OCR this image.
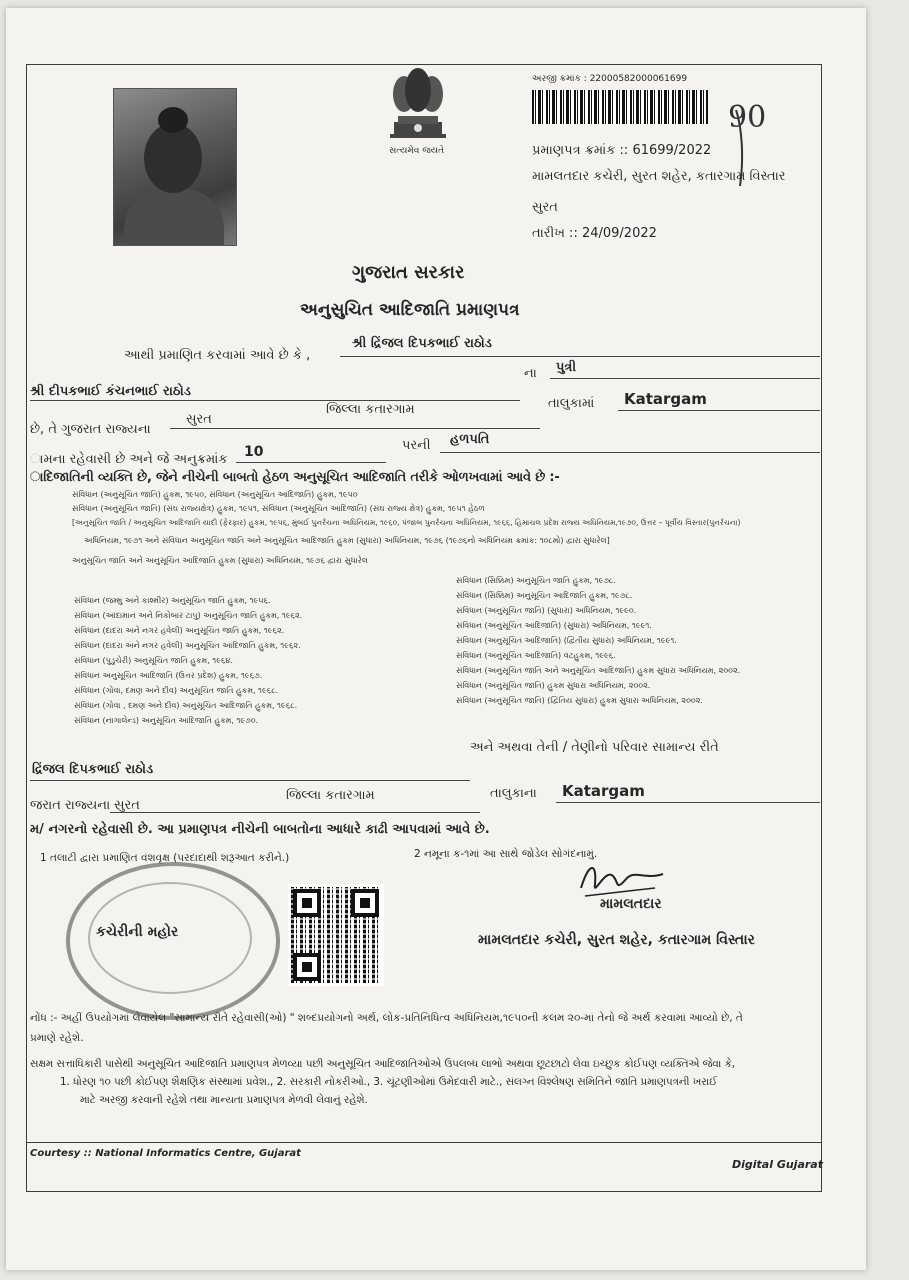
સત્યમેવ જયતે
અરજી ક્રમાંક : 22000582000061699
પ્રમાણપત્ર ક્રમાંક :: 61699/2022
90
મામલતદાર કચેરી, સુરત શહેર, કતારગામ વિસ્તાર
સુરત
તારીખ :: 24/09/2022
ગુજરાત સરકાર
અનુસુચિત આદિજાતિ પ્રમાણપત્ર
આથી પ્રમાણિત કરવામાં આવે છે કે ,
શ્રી દ્રિંજલ દિપકભાઈ રાઠોડ
ના પુત્રી
શ્રી દીપકભાઈ કંચનભાઈ રાઠોડ
છે, તે ગુજરાત રાજ્યના
સુરત
જિલ્લા કતારગામ	તાલુકામાં Katargam
ામના રહેવાસી છે અને જે અનુક્રમાંક 10	પરની હળપતિ
ાદિજાતિની વ્યક્તિ છે, જેને નીચેની બાબતો હેઠળ અનુસૂચિત આદિજાતિ તરીકે ઓળખવામાં આવે છે :-
સંવિધાન (અનુસૂચિત જાતિ) હુકમ, ૧૯૫૦, સંવિધાન (અનુસૂચિત આદિજાતિ) હુકમ, ૧૯૫૦
સંવિધાન (અનુસૂચિત જાતિ) (સંઘ રાજ્યક્ષેત્ર) હુકમ, ૧૯૫૧, સંવિધાન (અનુસૂચિત આદિજાતિ) (સંઘ રાજ્ય ક્ષેત્ર) હુકમ, ૧૯૫૧ હેઠળ
[અનુસૂચિત જાતિ / અનુસૂચિત આદિજાતિ યાદી (ફેરફાર) હુકમ, ૧૯૫૬, મુંબઈ પુનર્રચના અધિનિયમ, ૧૯૬૦, પંજાબ પુનર્રચના અધિનિયમ, ૧૯૬૬, હિમાચલ પ્રદેશ રાજ્ય અધિનિયમ,૧૯૭૦, ઉત્તર – પૂર્વીય વિસ્તાર(પુનર્રચના)
અધિનિયમ, ૧૯૭૧ અને સંવિધાન અનુસૂચિત જાતિ અને અનુસૂચિત આદિજાતિ હુકમ (સુધારા) અધિનિયમ, ૧૯૭૬ (૧૯૭૬નો અધિનિયમ ક્રમાંક: ૧૦૮મો) દ્વારા સુધારેલ]
અનુસૂચિત જાતિ અને અનુસૂચિત આદિજાતિ હુકમ (સુધારા) અધિનિયમ, ૧૯૭૬ દ્વારા સુધારેલ
સંવિધાન (જમ્મુ અને કાશ્મીર) અનુસૂચિત જાતિ હુકમ, ૧૯૫૬.
સંવિધાન (આંદામાન અને નિકોબાર ટાપુ) અનુસૂચિત જાતિ હુકમ, ૧૯૬૨.
સંવિધાન (દાદરા અને નગર હવેલી) અનુસૂચિત જાતિ હુકમ, ૧૯૬૨.
સંવિધાન (દાદરા અને નગર હવેલી) અનુસૂચિત આદિજાતિ હુકમ, ૧૯૬૨.
સંવિધાન (પુડુચેરી) અનુસૂચિત જાતિ હુકમ, ૧૯૬૪.
સંવિધાન અનુસૂચિત આદિજાતિ (ઉત્તર પ્રદેશ) હુકમ, ૧૯૬૭.
સંવિધાન (ગોવા, દમણ અને દીવ) અનુસૂચિત જાતિ હુકમ, ૧૯૬૮.
સંવિધાન (ગોવા , દમણ અને દીવ) અનુસૂચિત આદિજાતિ હુકમ, ૧૯૬૮.
સંવિધાન (નાગાલેન્ડ) અનુસૂચિત આદિજાતિ હુકમ, ૧૯૭૦.
સંવિધાન (સિક્કિમ) અનુસૂચિત જાતિ હુકમ, ૧૯૭૮.
સંવિધાન (સિક્કિમ) અનુસૂચિત આદિજાતિ હુકમ, ૧૯૭૮.
સંવિધાન (અનુસૂચિત જાતિ) (સુધારા) અધિનિયમ, ૧૯૯૦.
સંવિધાન (અનુસૂચિત આદિજાતિ) (સુધારા) અધિનિયમ, ૧૯૯૧.
સંવિધાન (અનુસૂચિત આદિજાતિ) (દ્વિતીય સુધારા) અધિનિયમ, ૧૯૯૧.
સંવિધાન (અનુસૂચિત આદિજાતિ) વટહુકમ, ૧૯૯૬.
સંવિધાન (અનુસૂચિત જાતિ અને અનુસૂચિત આદિજાતિ) હુકમ સુધારા અધિનિયમ, ૨૦૦૨.
સંવિધાન (અનુસૂચિત જાતિ) હુકમ સુધારા અધિનિયમ, ૨૦૦૨.
સંવિધાન (અનુસૂચિત જાતિ) (દ્વિતિય સુધારા) હુકમ સુધારા અધિનિયમ, ૨૦૦૨.
અને અથવા તેની / તેણીનો પરિવાર સામાન્ય રીતે
દ્રિંજલ દિપકભાઈ રાઠોડ
જરાત રાજ્યના સુરત
જિલ્લા કતારગામ	તાલુકાના Katargam
મ/ નગરનો રહેવાસી છે. આ પ્રમાણપત્ર નીચેની બાબતોના આધારે કાઢી આપવામાં આવે છે.
1 તલાટી દ્વારા પ્રમાણિત વંશવૃક્ષ (પરદાદાથી શરૂઆત કરીને.)	2 નમૂના ક-૧માં આ સાથે જોડેલ સોગંદનામું.
કચેરીની મહોર
મામલતદાર
મામલતદાર કચેરી, સુરત શહેર, કતારગામ વિસ્તાર
નોંધ :- અહીં ઉપયોગમાં લેવાયેલ "સામાન્ય રીતે રહેવાસી(ઓ) " શબ્દપ્રયોગનો અર્થ, લોક-પ્રતિનિધિત્વ અધિનિયમ,૧૯૫૦ની કલમ ૨૦-માં તેનો જે અર્થ કરવામાં આવ્યો છે, તે
પ્રમાણે રહેશે.
સક્ષમ સત્તાધિકારી પાસેથી અનુસૂચિત આદિજાતિ પ્રમાણપત્ર મેળવ્યા પછી અનુસૂચિત આદિજાતિઓએ ઉપલબ્ધ લાભો અથવા છૂટછાટો લેવા ઇચ્છુક કોઈપણ વ્યક્તિએ જેવા કે,
1. ધોરણ ૧૦ પછી કોઈપણ શૈક્ષણિક સંસ્થામાં પ્રવેશ., 2. સરકારી નોકરીઓ., 3. ચૂંટણીઓમાં ઉમેદવારી માટે., સંલગ્ન વિશ્લેષણ સમિતિને જાતિ પ્રમાણપત્રની ખરાઈ
માટે અરજી કરવાની રહેશે તથા માન્યતા પ્રમાણપત્ર મેળવી લેવાનું રહેશે.
Courtesy :: National Informatics Centre, Gujarat
Digital Gujarat
